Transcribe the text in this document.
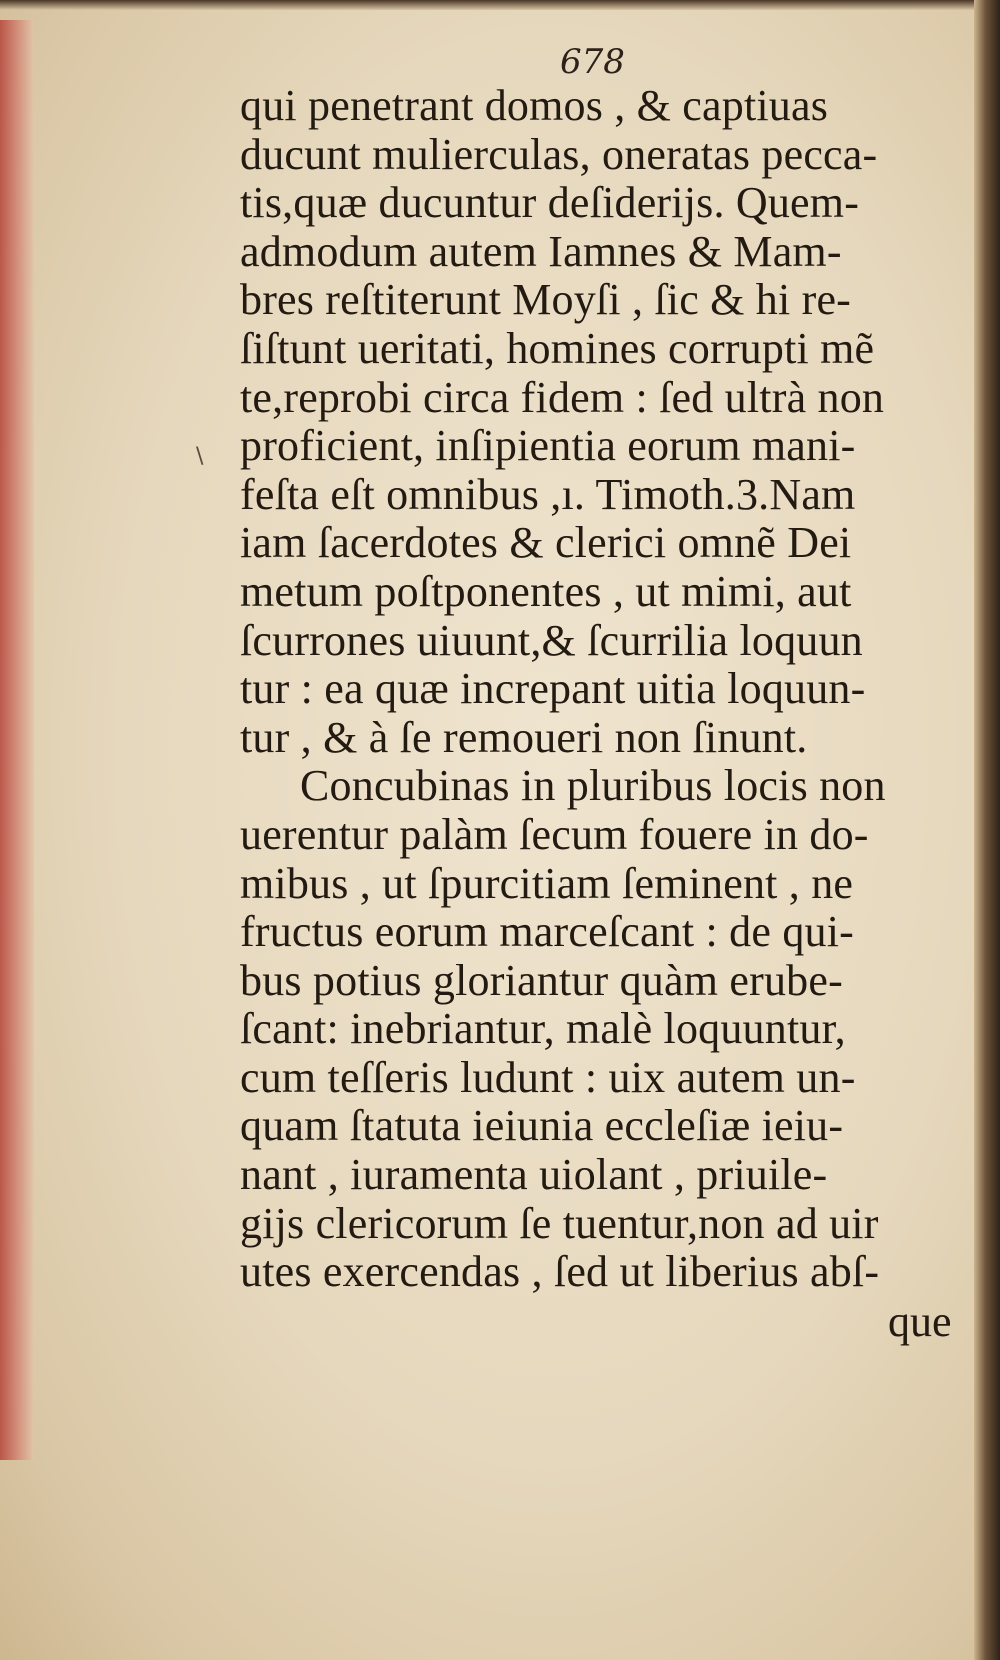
678
\
qui penetrant domos , & captiuas
ducunt mulierculas, oneratas pecca-
tis,quæ ducuntur deſiderijs. Quem-
admodum autem Iamnes & Mam-
bres reſtiterunt Moyſi , ſic & hi re-
ſiſtunt ueritati, homines corrupti mẽ
te,reprobi circa fidem : ſed ultrà non
proficient, inſipientia eorum mani-
feſta eſt omnibus ,ı. Timoth.3.Nam
iam ſacerdotes & clerici omnẽ Dei
metum poſtponentes , ut mimi, aut
ſcurrones uiuunt,& ſcurrilia loquun
tur : ea quæ increpant uitia loquun-
tur , & à ſe remoueri non ſinunt.
Concubinas in pluribus locis non
uerentur palàm ſecum fouere in do-
mibus , ut ſpurcitiam ſeminent , ne
fructus eorum marceſcant : de qui-
bus potius gloriantur quàm erube-
ſcant: inebriantur, malè loquuntur,
cum teſſeris ludunt : uix autem un-
quam ſtatuta ieiunia eccleſiæ ieiu-
nant , iuramenta uiolant , priuile-
gijs clericorum ſe tuentur,non ad uir
utes exercendas , ſed ut liberius abſ-
que
